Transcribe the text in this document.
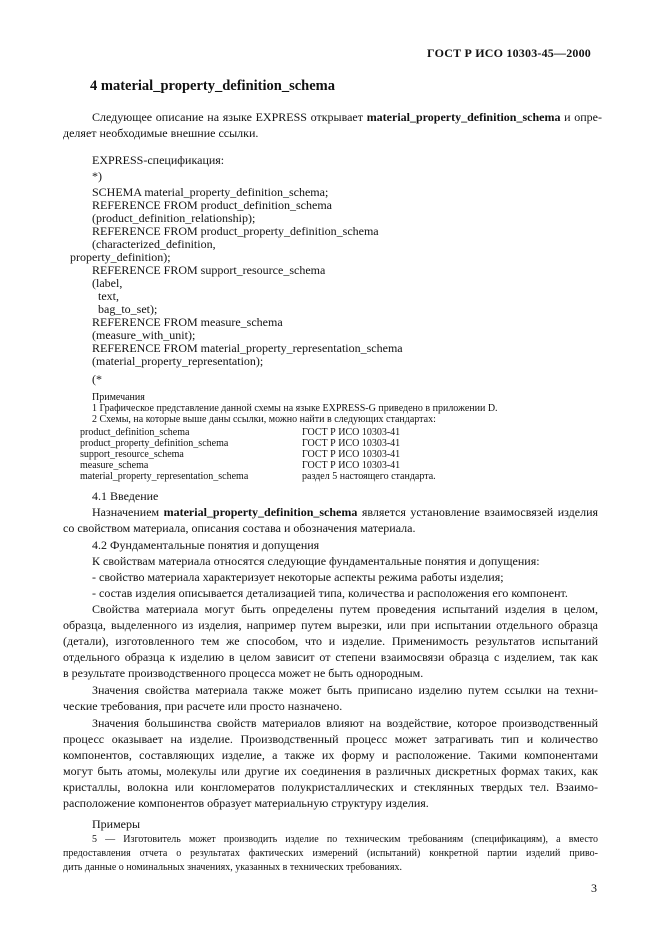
ГОСТ Р ИСО 10303-45—2000
4 material_property_definition_schema
Следующее описание на языке EXPRESS открывает material_property_definition_schema и опре-
деляет необходимые внешние ссылки.
EXPRESS-спецификация:
*)
SCHEMA material_property_definition_schema;
REFERENCE FROM product_definition_schema
(product_definition_relationship);
REFERENCE FROM product_property_definition_schema
(characterized_definition,
property_definition);
REFERENCE FROM support_resource_schema
(label,
text,
bag_to_set);
REFERENCE FROM measure_schema
(measure_with_unit);
REFERENCE FROM material_property_representation_schema
(material_property_representation);
(*
Примечания
1 Графическое представление данной схемы на языке EXPRESS-G приведено в приложении D.
2 Схемы, на которые выше даны ссылки, можно найти в следующих стандартах:
product_definition_schema	ГОСТ Р ИСО 10303-41
product_property_definition_schema	ГОСТ Р ИСО 10303-41
support_resource_schema	ГОСТ Р ИСО 10303-41
measure_schema	ГОСТ Р ИСО 10303-41
material_property_representation_schema	раздел 5 настоящего стандарта.
4.1 Введение
Назначением material_property_definition_schema является установление взаимосвязей изделия
со свойством материала, описания состава и обозначения материала.
4.2 Фундаментальные понятия и допущения
К свойствам материала относятся следующие фундаментальные понятия и допущения:
- свойство материала характеризует некоторые аспекты режима работы изделия;
- состав изделия описывается детализацией типа, количества и расположения его компонент.
Свойства материала могут быть определены путем проведения испытаний изделия в целом,
образца, выделенного из изделия, например путем вырезки, или при испытании отдельного образца
(детали), изготовленного тем же способом, что и изделие. Применимость результатов испытаний
отдельного образца к изделию в целом зависит от степени взаимосвязи образца с изделием, так как
в результате производственного процесса может не быть однородным.
Значения свойства материала также может быть приписано изделию путем ссылки на техни-
ческие требования, при расчете или просто назначено.
Значения большинства свойств материалов влияют на воздействие, которое производственный
процесс оказывает на изделие. Производственный процесс может затрагивать тип и количество
компонентов, составляющих изделие, а также их форму и расположение. Такими компонентами
могут быть атомы, молекулы или другие их соединения в различных дискретных формах таких, как
кристаллы, волокна или конгломератов полукристаллических и стеклянных твердых тел. Взаимо-
расположение компонентов образует материальную структуру изделия.
Примеры
5 — Изготовитель может производить изделие по техническим требованиям (спецификациям), а вместо
предоставления отчета о результатах фактических измерений (испытаний) конкретной партии изделий приво-
дить данные о номинальных значениях, указанных в технических требованиях.
3
